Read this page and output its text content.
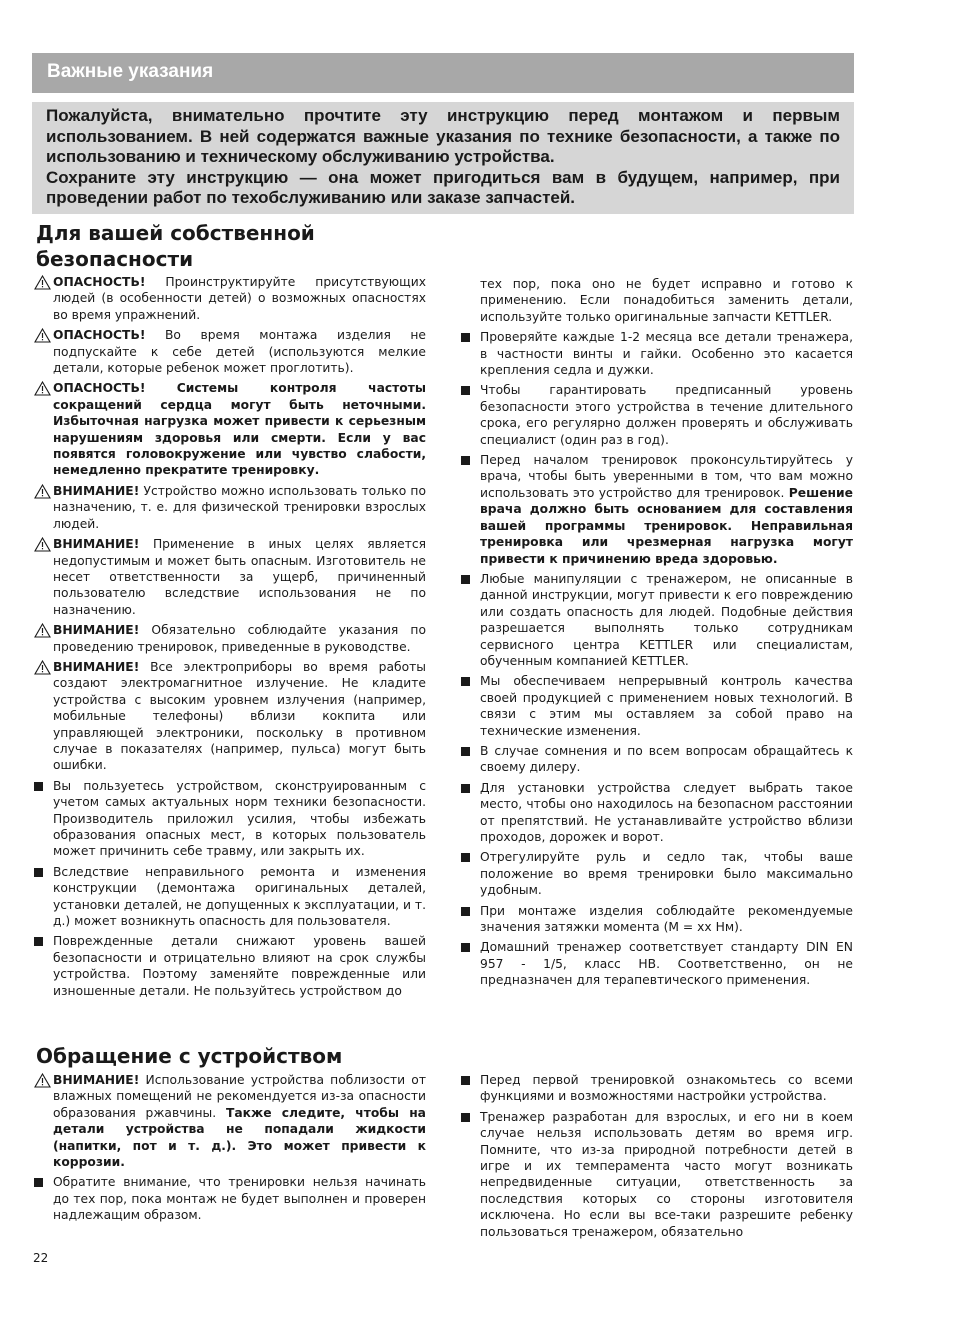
Важные указания

Пожалуйста, внимательно прочтите эту инструкцию перед монтажом и первым использованием. В ней содержатся важные указания по технике безопасности, а также по использованию и техническому обслуживанию устройства.

Сохраните эту инструкцию — она может пригодиться вам в будущем, например, при проведении работ по техобслуживанию или заказе запчастей.

Для вашей собственной безопасности
ОПАСНОСТЬ! Проинструктируйте присутствующих людей (в особенности детей) о возможных опасностях во время упражнений.
ОПАСНОСТЬ! Во время монтажа изделия не подпускайте к себе детей (используются мелкие детали, которые ребенок может проглотить).
ОПАСНОСТЬ!	Системы контроля частоты сокращений сердца могут быть неточными. Избыточная нагрузка может привести к серьезным нарушениям здоровья или смерти. Если у вас появятся головокружение или чувство слабости, немедленно прекратите тренировку.
ВНИМАНИЕ! Устройство можно использовать только по назначению, т. е. для физической тренировки взрослых людей.
ВНИМАНИЕ! Применение в иных целях является недопустимым и может быть опасным. Изготовитель не несет ответственности за ущерб, причиненный пользователю вследствие использования не по назначению.
ВНИМАНИЕ! Обязательно соблюдайте указания по проведению тренировок, приведенные в руководстве.
ВНИМАНИЕ! Все электроприборы во время работы создают электромагнитное излучение. Не кладите устройства с высоким уровнем излучения (например, мобильные телефоны) вблизи кокпита или управляющей электроники, поскольку в противном случае в показателях (например, пульса) могут быть ошибки.
Вы пользуетесь устройством, сконструированным с учетом самых актуальных норм техники безопасности. Производитель приложил усилия, чтобы избежать образования опасных мест, в которых пользователь может причинить себе травму, или закрыть их.
Вследствие неправильного ремонта и изменения конструкции (демонтажа оригинальных деталей, установки деталей, не допущенных к эксплуатации, и т. д.) может возникнуть опасность для пользователя.
Поврежденные детали снижают уровень вашей безопасности и отрицательно влияют на срок службы устройства. Поэтому заменяйте поврежденные или изношенные детали. Не пользуйтесь устройством до

тех пор, пока оно не будет исправно и готово к применению. Если понадобиться заменить детали, используйте только оригинальные запчасти KETTLER.

Проверяйте каждые 1-2 месяца все детали тренажера, в частности винты и гайки. Особенно это касается крепления седла и дужки.
Чтобы гарантировать предписанный уровень безопасности этого устройства в течение длительного срока, его регулярно должен проверять и обслуживать специалист (один раз в год).
Перед началом тренировок проконсультируйтесь у врача, чтобы быть уверенными в том, что вам можно использовать это устройство для тренировок. Решение врача должно быть основанием для составления вашей программы тренировок. Неправильная тренировка или чрезмерная нагрузка могут привести к причинению вреда здоровью.
Любые манипуляции с тренажером, не описанные в данной инструкции, могут привести к его повреждению или создать опасность для людей. Подобные действия разрешается выполнять только сотрудникам сервисного центра KETTLER или специалистам, обученным компанией KETTLER.
Мы обеспечиваем непрерывный контроль качества своей продукцией с применением новых технологий. В связи с этим мы оставляем за собой право на технические изменения.
В случае сомнения и по всем вопросам обращайтесь к своему дилеру.
Для установки устройства следует выбрать такое место, чтобы оно находилось на безопасном расстоянии от препятствий. Не устанавливайте устройство вблизи проходов, дорожек и ворот.
Отрегулируйте руль и седло так, чтобы ваше положение во время тренировки было максимально удобным.
При монтаже изделия соблюдайте рекомендуемые значения затяжки момента (M = xx Нм).
Домашний тренажер соответствует стандарту DIN EN 957 - 1/5, класс HB. Соответственно, он не предназначен для терапевтического применения.
Обращение с устройством
ВНИМАНИЕ! Использование устройства поблизости от влажных помещений не рекомендуется из-за опасности образования ржавчины. Также следите, чтобы на детали устройства не попадали жидкости (напитки, пот и т. д.). Это может привести к коррозии.
Обратите внимание, что тренировки нельзя начинать до тех пор, пока монтаж не будет выполнен и проверен надлежащим образом.
Перед первой тренировкой ознакомьтесь со всеми функциями и возможностями настройки устройства.
Тренажер разработан для взрослых, и его ни в коем случае нельзя использовать детям во время игр. Помните, что из-за природной потребности детей в игре и их темперамента часто могут возникать непредвиденные ситуации, ответственность за последствия которых со стороны изготовителя исключена. Но если вы все-таки разрешите ребенку пользоваться тренажером, обязательно
22
